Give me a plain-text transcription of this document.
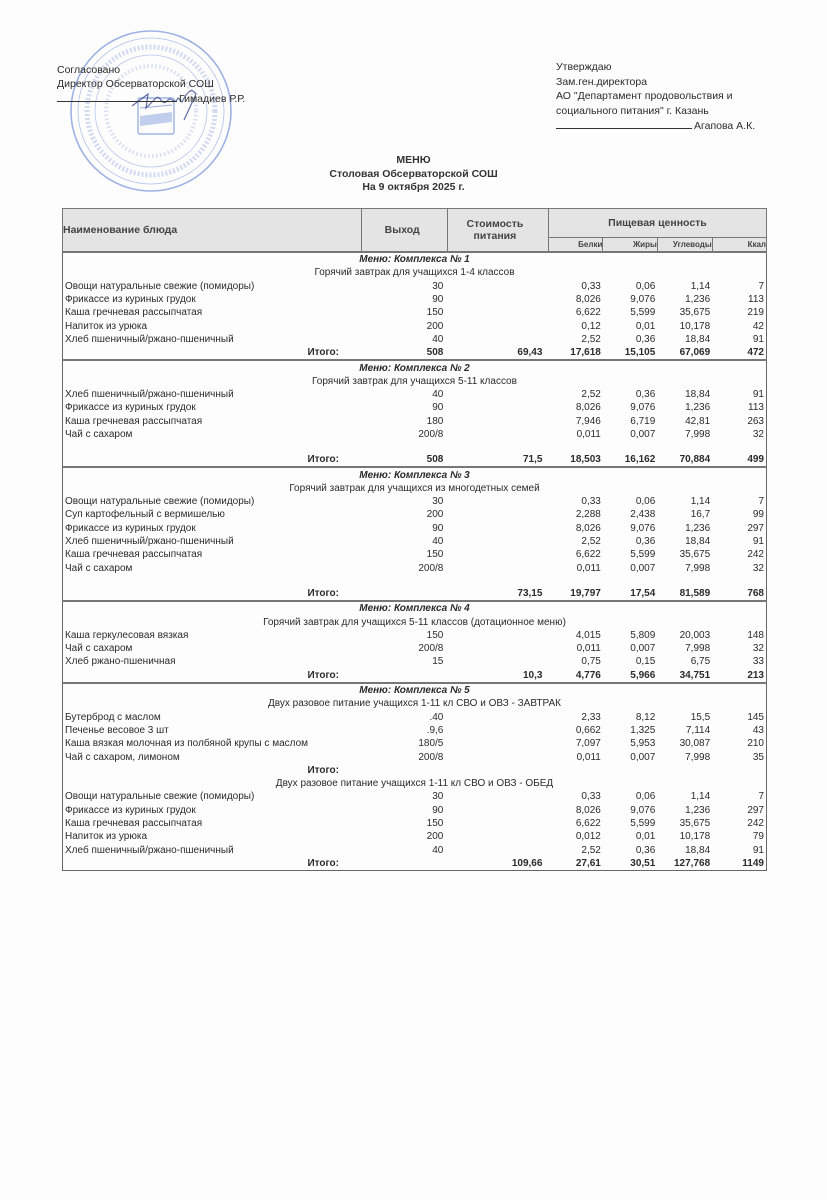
Согласовано
Директор Обсерваторской СОШ
Гимадиев Р.Р.
Утверждаю
Зам.ген.директора
АО "Департамент продовольствия и
социального питания" г. Казань
Агапова А.К.
МЕНЮ
Столовая Обсерваторской СОШ
На 9 октября 2025 г.
Наименование блюда	Выход	Стоимость питания	Пищевая ценность			
			Белки	Жиры	Углеводы	Ккал
Меню: Комплекса № 1						
Горячий завтрак для учащихся 1-4 классов						
Овощи натуральные свежие (помидоры)	30		0,33	0,06	1,14	7
Фрикассе из куриных грудок	90		8,026	9,076	1,236	113
Каша гречневая рассыпчатая	150		6,622	5,599	35,675	219
Напиток из урюка	200		0,12	0,01	10,178	42
Хлеб пшеничный/ржано-пшеничный	40		2,52	0,36	18,84	91
Итого:	508	69,43	17,618	15,105	67,069	472
Меню: Комплекса № 2						
Горячий завтрак для учащихся 5-11 классов						
Хлеб пшеничный/ржано-пшеничный	40		2,52	0,36	18,84	91
Фрикассе из куриных грудок	90		8,026	9,076	1,236	113
Каша гречневая рассыпчатая	180		7,946	6,719	42,81	263
Чай с сахаром	200/8		0,011	0,007	7,998	32

Итого:	508	71,5	18,503	16,162	70,884	499
Меню: Комплекса № 3						
Горячий завтрак для учащихся из многодетных семей						
Овощи натуральные свежие (помидоры)	30		0,33	0,06	1,14	7
Суп картофельный с вермишелью	200		2,288	2,438	16,7	99
Фрикассе из куриных грудок	90		8,026	9,076	1,236	297
Хлеб пшеничный/ржано-пшеничный	40		2,52	0,36	18,84	91
Каша гречневая рассыпчатая	150		6,622	5,599	35,675	242
Чай с сахаром	200/8		0,011	0,007	7,998	32

Итого:		73,15	19,797	17,54	81,589	768
Меню: Комплекса № 4						
Горячий завтрак для учащихся 5-11 классов (дотационное меню)						
Каша геркулесовая вязкая	150		4,015	5,809	20,003	148
Чай с сахаром	200/8		0,011	0,007	7,998	32
Хлеб ржано-пшеничная	15		0,75	0,15	6,75	33
Итого:		10,3	4,776	5,966	34,751	213
Меню: Комплекса № 5						
Двух разовое питание учащихся 1-11 кл СВО и ОВЗ - ЗАВТРАК						
Бутерброд с маслом	.40		2,33	8,12	15,5	145
Печенье весовое 3 шт	.9,6		0,662	1,325	7,114	43
Каша вязкая молочная из полбяной крупы с маслом	180/5		7,097	5,953	30,087	210
Чай с сахаром, лимоном	200/8		0,011	0,007	7,998	35
Итого:						
Двух разовое питание учащихся 1-11 кл СВО и ОВЗ - ОБЕД						
Овощи натуральные свежие (помидоры)	30		0,33	0,06	1,14	7
Фрикассе из куриных грудок	90		8,026	9,076	1,236	297
Каша гречневая рассыпчатая	150		6,622	5,599	35,675	242
Напиток из урюка	200		0,012	0,01	10,178	79
Хлеб пшеничный/ржано-пшеничный	40		2,52	0,36	18,84	91
Итого:		109,66	27,61	30,51	127,768	1149
